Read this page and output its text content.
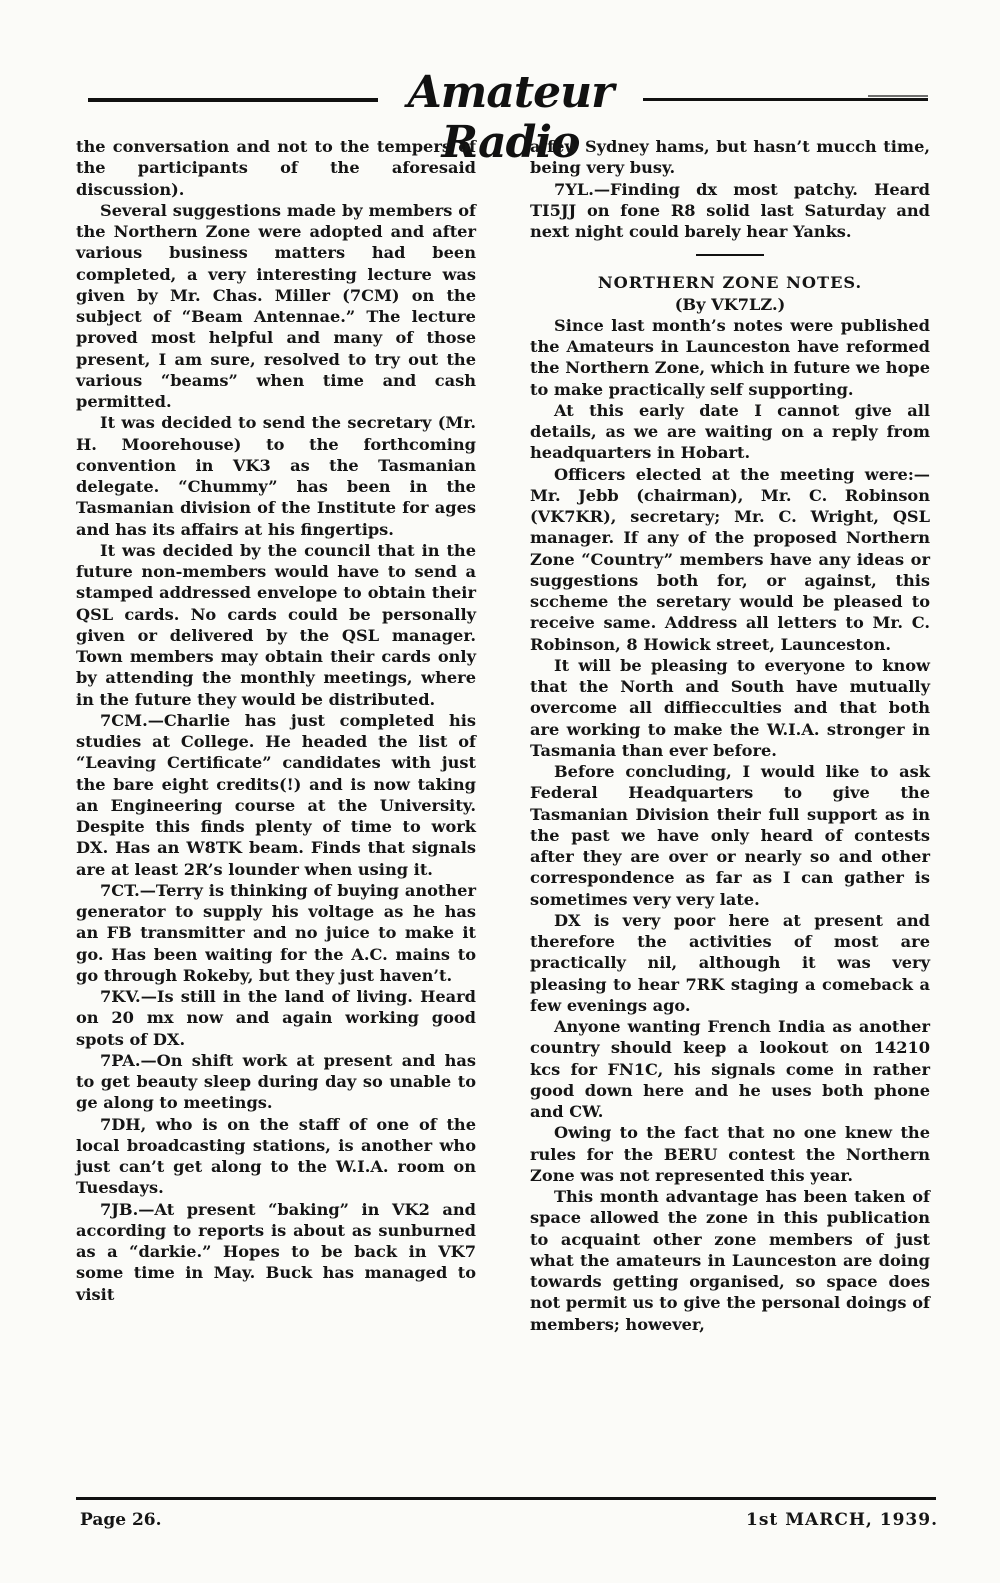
Amateur Radio

the conversation and not to the tempers of the participants of the aforesaid discussion).

Several suggestions made by members of the Northern Zone were adopted and after various business matters had been completed, a very interesting lecture was given by Mr. Chas. Miller (7CM) on the subject of “Beam Antennae.” The lecture proved most helpful and many of those present, I am sure, resolved to try out the various “beams” when time and cash permitted.

It was decided to send the secretary (Mr. H. Moorehouse) to the forthcoming convention in VK3 as the Tasmanian delegate. “Chummy” has been in the Tasmanian division of the Institute for ages and has its affairs at his fingertips.

It was decided by the council that in the future non-members would have to send a stamped addressed envelope to obtain their QSL cards. No cards could be personally given or delivered by the QSL manager. Town members may obtain their cards only by attending the monthly meetings, where in the future they would be distributed.

7CM.—Charlie has just completed his studies at College. He headed the list of “Leaving Certificate” candidates with just the bare eight credits(!) and is now taking an Engineering course at the University. Despite this finds plenty of time to work DX. Has an W8TK beam. Finds that signals are at least 2R’s lounder when using it.

7CT.—Terry is thinking of buying another generator to supply his voltage as he has an FB transmitter and no juice to make it go. Has been waiting for the A.C. mains to go through Rokeby, but they just haven’t.

7KV.—Is still in the land of living. Heard on 20 mx now and again working good spots of DX.

7PA.—On shift work at present and has to get beauty sleep during day so unable to ge along to meetings.

7DH, who is on the staff of one of the local broadcasting stations, is another who just can’t get along to the W.I.A. room on Tuesdays.

7JB.—At present “baking” in VK2 and according to reports is about as sunburned as a “darkie.” Hopes to be back in VK7 some time in May. Buck has managed to visit

a few Sydney hams, but hasn’t mucch time, being very busy.

7YL.—Finding dx most patchy. Heard TI5JJ on fone R8 solid last Saturday and next night could barely hear Yanks.

NORTHERN ZONE NOTES.

(By VK7LZ.)

Since last month’s notes were published the Amateurs in Launceston have reformed the Northern Zone, which in future we hope to make practically self supporting.

At this early date I cannot give all details, as we are waiting on a reply from headquarters in Hobart.

Officers elected at the meeting were:—Mr. Jebb (chairman), Mr. C. Robinson (VK7KR), secretary; Mr. C. Wright, QSL manager. If any of the proposed Northern Zone “Country” members have any ideas or suggestions both for, or against, this sccheme the seretary would be pleased to receive same. Address all letters to Mr. C. Robinson, 8 Howick street, Launceston.

It will be pleasing to everyone to know that the North and South have mutually overcome all diffiecculties and that both are working to make the W.I.A. stronger in Tasmania than ever before.

Before concluding, I would like to ask Federal Headquarters to give the Tasmanian Division their full support as in the past we have only heard of contests after they are over or nearly so and other correspondence as far as I can gather is sometimes very very late.

DX is very poor here at present and therefore the activities of most are practically nil, although it was very pleasing to hear 7RK staging a comeback a few evenings ago.

Anyone wanting French India as another country should keep a lookout on 14210 kcs for FN1C, his signals come in rather good down here and he uses both phone and CW.

Owing to the fact that no one knew the rules for the BERU contest the Northern Zone was not represented this year.

This month advantage has been taken of space allowed the zone in this publication to acquaint other zone members of just what the amateurs in Launceston are doing towards getting organised, so space does not permit us to give the personal doings of members; however,

Page 26.	1st MARCH, 1939.
